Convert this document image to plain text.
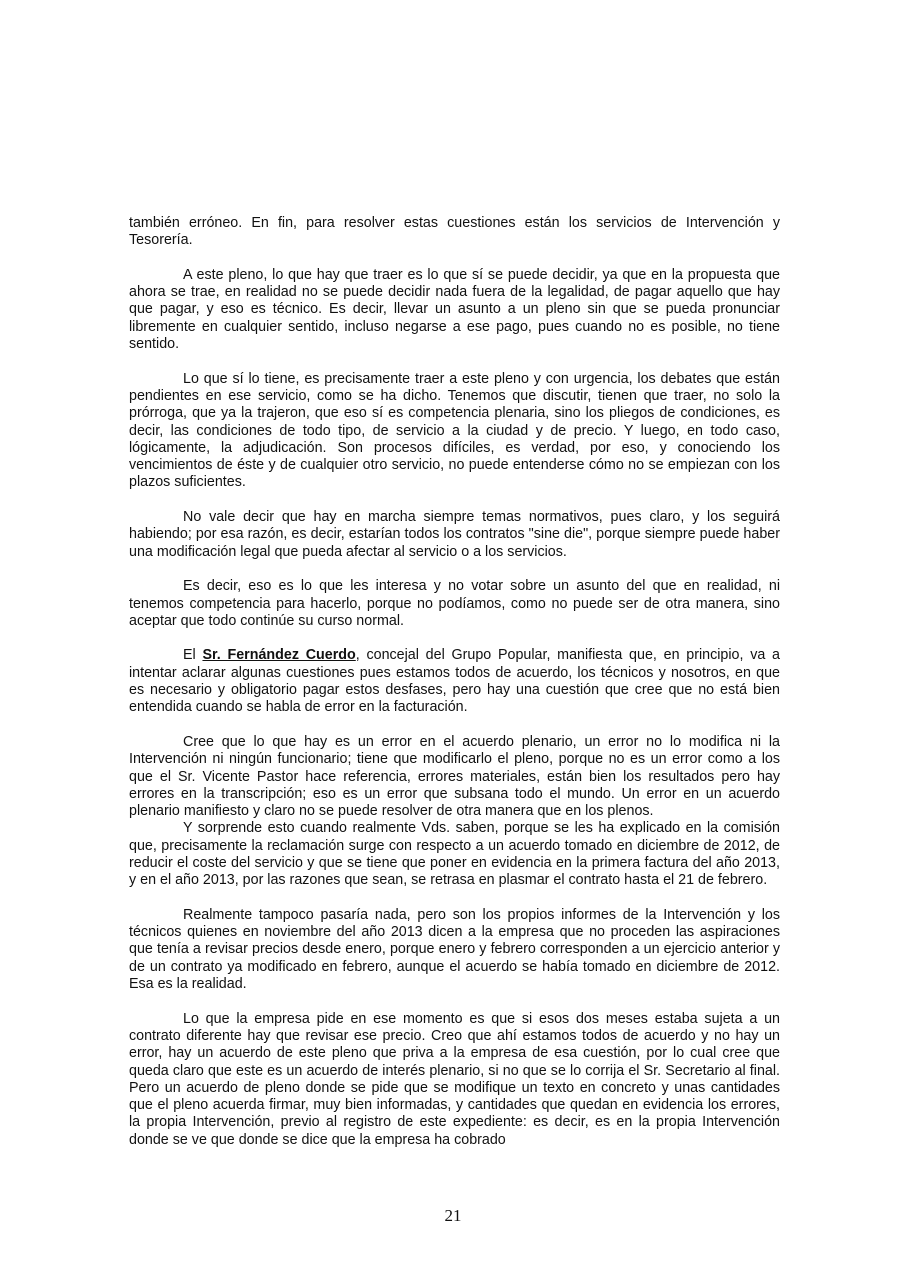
también erróneo. En fin, para resolver estas cuestiones están los servicios de Intervención y Tesorería.

A este pleno, lo que hay que traer es lo que sí se puede decidir, ya que en la propuesta que ahora se trae, en realidad no se puede decidir nada fuera de la legalidad, de pagar aquello que hay que pagar, y eso es técnico. Es decir, llevar un asunto a un pleno sin que se pueda pronunciar libremente en cualquier sentido, incluso negarse a ese pago, pues cuando no es posible, no tiene sentido.

Lo que sí lo tiene, es precisamente traer a este pleno y con urgencia, los debates que están pendientes en ese servicio, como se ha dicho. Tenemos que discutir, tienen que traer, no solo la prórroga, que ya la trajeron, que eso sí es competencia plenaria, sino los pliegos de condiciones, es decir, las condiciones de todo tipo, de servicio a la ciudad y de precio. Y luego, en todo caso, lógicamente, la adjudicación. Son procesos difíciles, es verdad, por eso, y conociendo los vencimientos de éste y de cualquier otro servicio, no puede entenderse cómo no se empiezan con los plazos suficientes.

No vale decir que hay en marcha siempre temas normativos, pues claro, y los seguirá habiendo; por esa razón, es decir, estarían todos los contratos "sine die", porque siempre puede haber una modificación legal que pueda afectar al servicio o a los servicios.

Es decir, eso es lo que les interesa y no votar sobre un asunto del que en realidad, ni tenemos competencia para hacerlo, porque no podíamos, como no puede ser de otra manera, sino aceptar que todo continúe su curso normal.

El Sr. Fernández Cuerdo, concejal del Grupo Popular, manifiesta que, en principio, va a intentar aclarar algunas cuestiones pues estamos todos de acuerdo, los técnicos y nosotros, en que es necesario y obligatorio pagar estos desfases, pero hay una cuestión que cree que no está bien entendida cuando se habla de error en la facturación.

Cree que lo que hay es un error en el acuerdo plenario, un error no lo modifica ni la Intervención ni ningún funcionario; tiene que modificarlo el pleno, porque no es un error como a los que el Sr. Vicente Pastor hace referencia, errores materiales, están bien los resultados pero hay errores en la transcripción; eso es un error que subsana todo el mundo. Un error en un acuerdo plenario manifiesto y claro no se puede resolver de otra manera que en los plenos.

Y sorprende esto cuando realmente Vds. saben, porque se les ha explicado en la comisión que, precisamente la reclamación surge con respecto a un acuerdo tomado en diciembre de 2012, de reducir el coste del servicio y que se tiene que poner en evidencia en la primera factura del año 2013, y en el año 2013, por las razones que sean, se retrasa en plasmar el contrato hasta el 21 de febrero.

Realmente tampoco pasaría nada, pero son los propios informes de la Intervención y los técnicos quienes en noviembre del año 2013 dicen a la empresa que no proceden las aspiraciones que tenía a revisar precios desde enero, porque enero y febrero corresponden a un ejercicio anterior y de un contrato ya modificado en febrero, aunque el acuerdo se había tomado en diciembre de 2012. Esa es la realidad.

Lo que la empresa pide en ese momento es que si esos dos meses estaba sujeta a un contrato diferente hay que revisar ese precio. Creo que ahí estamos todos de acuerdo y no hay un error, hay un acuerdo de este pleno que priva a la empresa de esa cuestión, por lo cual cree que queda claro que este es un acuerdo de interés plenario, si no que se lo corrija el Sr. Secretario al final. Pero un acuerdo de pleno donde se pide que se modifique un texto en concreto y unas cantidades que el pleno acuerda firmar, muy bien informadas, y cantidades que quedan en evidencia los errores, la propia Intervención, previo al registro de este expediente: es decir, es en la propia Intervención donde se ve que donde se dice que la empresa ha cobrado

21
